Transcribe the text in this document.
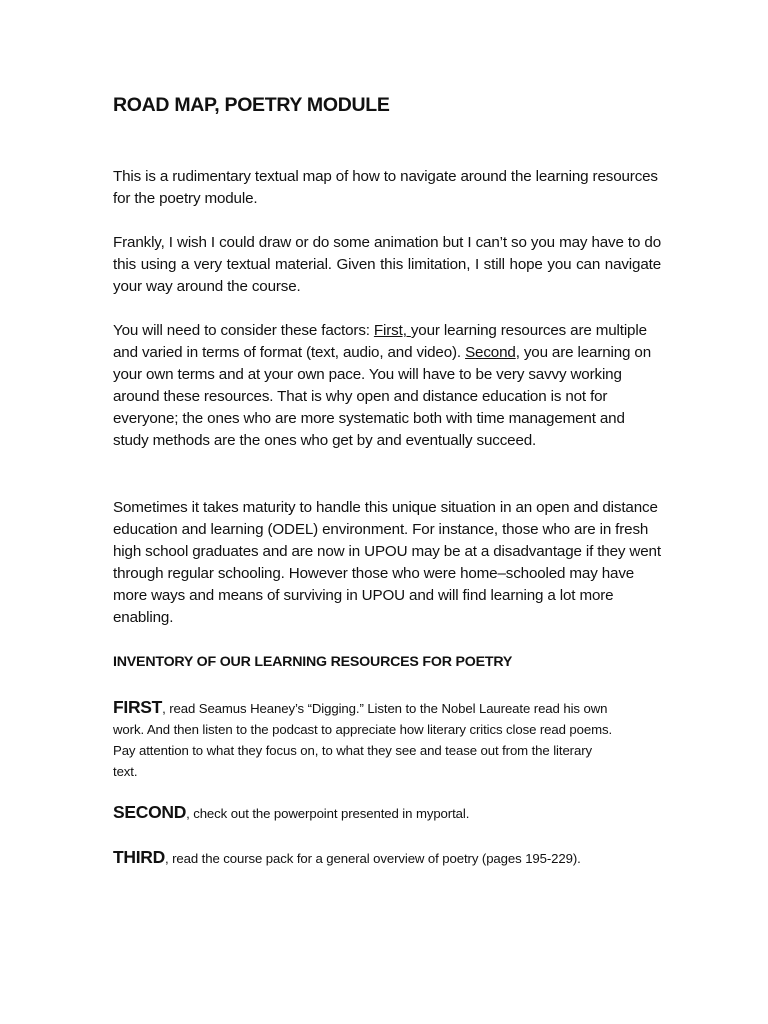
ROAD MAP, POETRY MODULE
This is a rudimentary textual map of how to navigate around the learning resources for the poetry module.
Frankly, I wish I could draw or do some animation but I can’t so you may have to do this using a very textual material. Given this limitation, I still hope you can navigate your way around the course.
You will need to consider these factors: First, your learning resources are multiple and varied in terms of format (text, audio, and video). Second, you are learning on your own terms and at your own pace. You will have to be very savvy working around these resources. That is why open and distance education is not for everyone; the ones who are more systematic both with time management and study methods are the ones who get by and eventually succeed.
Sometimes it takes maturity to handle this unique situation in an open and distance education and learning (ODEL) environment. For instance, those who are in fresh high school graduates and are now in UPOU may be at a disadvantage if they went through regular schooling. However those who were home–schooled may have more ways and means of surviving in UPOU and will find learning a lot more enabling.
INVENTORY OF OUR LEARNING RESOURCES FOR POETRY
FIRST, read Seamus Heaney’s “Digging.” Listen to the Nobel Laureate read his own work. And then listen to the podcast to appreciate how literary critics close read poems. Pay attention to what they focus on, to what they see and tease out from the literary text.
SECOND, check out the powerpoint presented in myportal.
THIRD, read the course pack for a general overview of poetry (pages 195-229).
